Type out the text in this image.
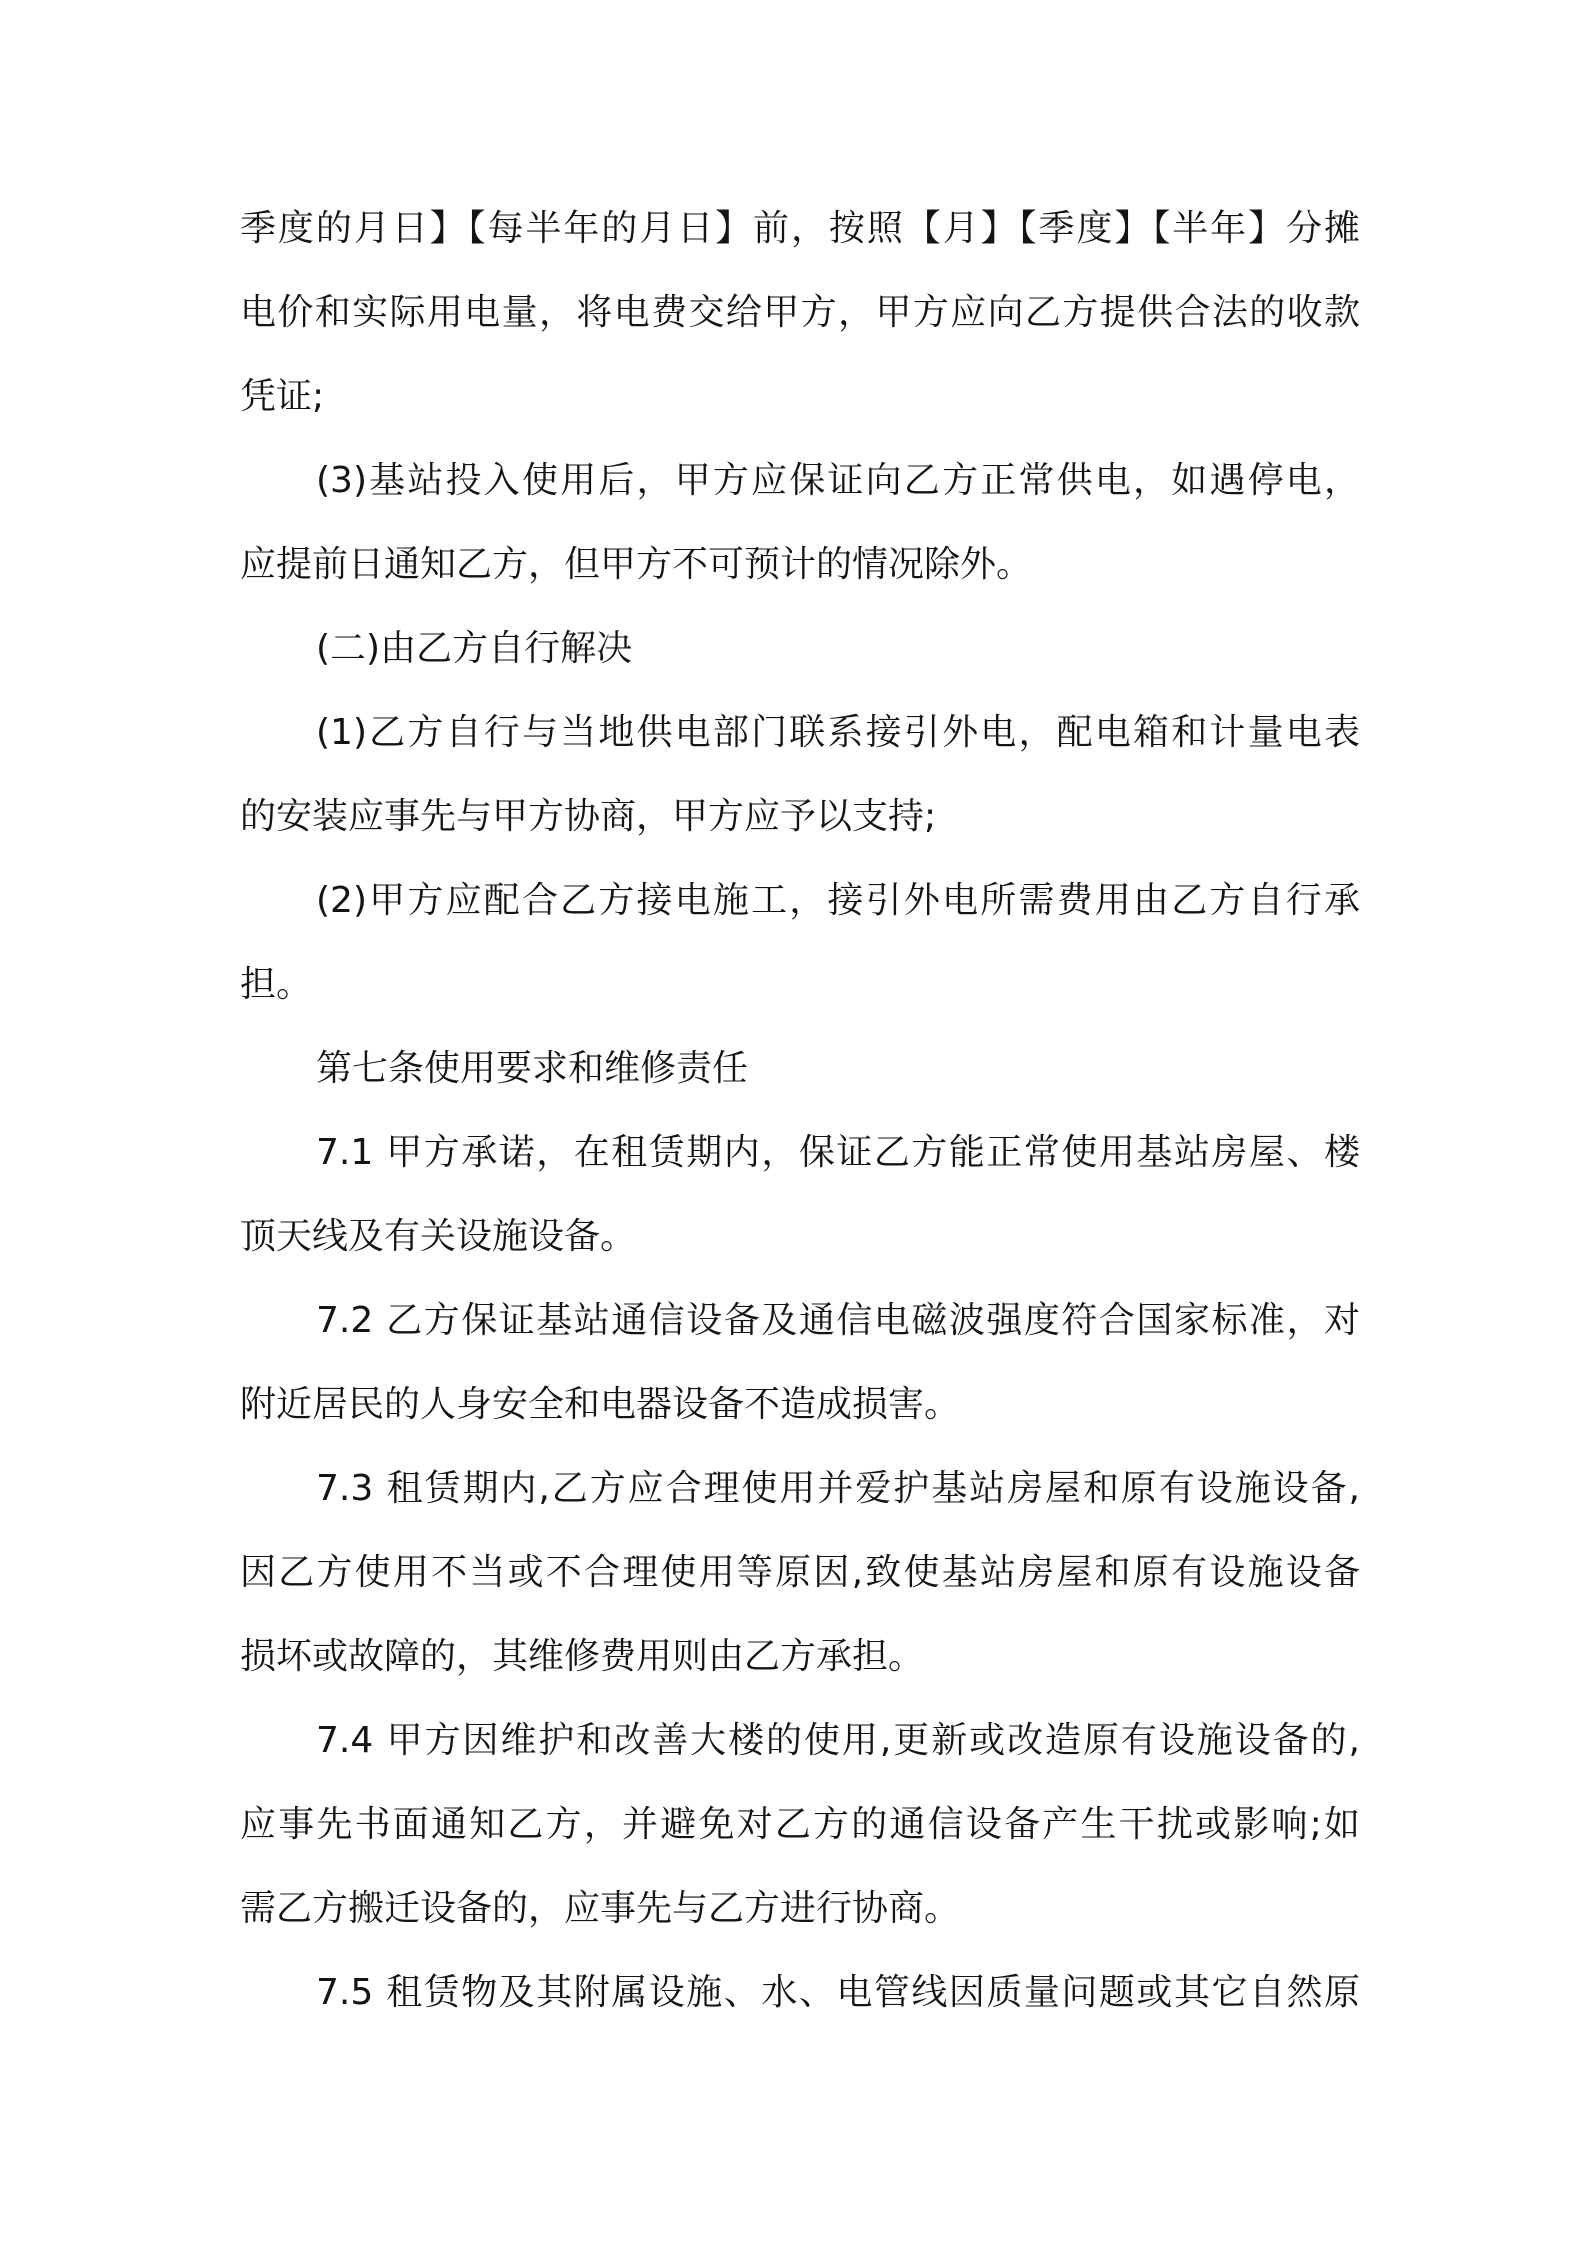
季度的月日】【每半年的月日】前，按照【月】【季度】【半年】分摊
电价和实际用电量，将电费交给甲方，甲方应向乙方提供合法的收款
凭证;
(3)基站投入使用后，甲方应保证向乙方正常供电，如遇停电，
应提前日通知乙方，但甲方不可预计的情况除外。
(二)由乙方自行解决
(1)乙方自行与当地供电部门联系接引外电，配电箱和计量电表
的安装应事先与甲方协商，甲方应予以支持;
(2)甲方应配合乙方接电施工，接引外电所需费用由乙方自行承
担。
第七条使用要求和维修责任
7.1 甲方承诺，在租赁期内，保证乙方能正常使用基站房屋、楼
顶天线及有关设施设备。
7.2 乙方保证基站通信设备及通信电磁波强度符合国家标准，对
附近居民的人身安全和电器设备不造成损害。
7.3 租赁期内,乙方应合理使用并爱护基站房屋和原有设施设备,
因乙方使用不当或不合理使用等原因,致使基站房屋和原有设施设备
损坏或故障的，其维修费用则由乙方承担。
7.4 甲方因维护和改善大楼的使用,更新或改造原有设施设备的,
应事先书面通知乙方，并避免对乙方的通信设备产生干扰或影响;如
需乙方搬迁设备的，应事先与乙方进行协商。
7.5 租赁物及其附属设施、水、电管线因质量问题或其它自然原
